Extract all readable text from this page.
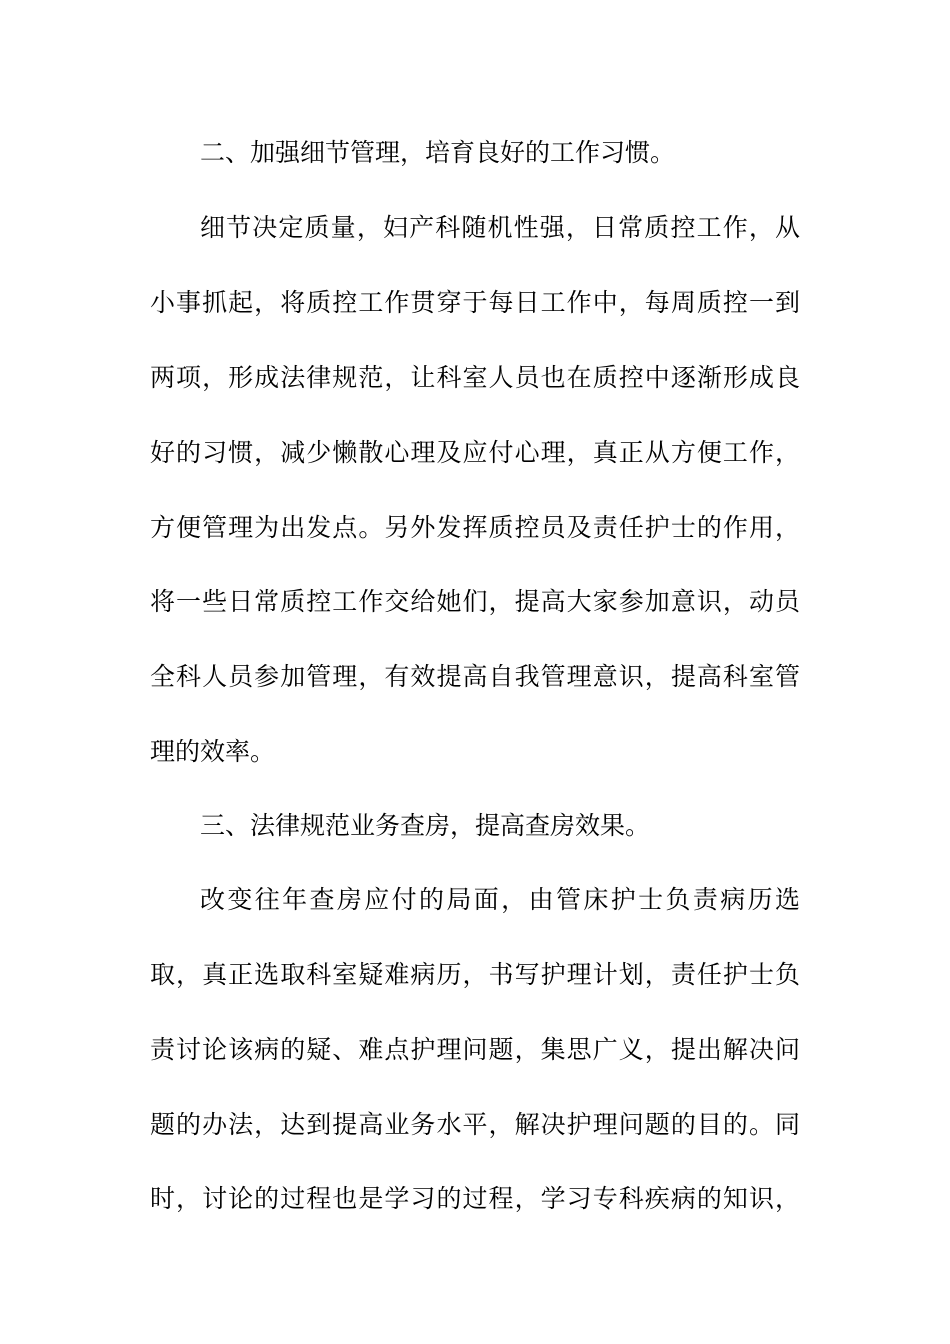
二、加强细节管理，培育良好的工作习惯。
细节决定质量，妇产科随机性强，日常质控工作，从
小事抓起，将质控工作贯穿于每日工作中，每周质控一到
两项，形成法律规范，让科室人员也在质控中逐渐形成良
好的习惯，减少懒散心理及应付心理，真正从方便工作，
方便管理为出发点。另外发挥质控员及责任护士的作用，
将一些日常质控工作交给她们，提高大家参加意识，动员
全科人员参加管理，有效提高自我管理意识，提高科室管
理的效率。
三、法律规范业务查房，提高查房效果。
改变往年查房应付的局面，由管床护士负责病历选
取，真正选取科室疑难病历，书写护理计划，责任护士负
责讨论该病的疑、难点护理问题，集思广义，提出解决问
题的办法，达到提高业务水平，解决护理问题的目的。同
时，讨论的过程也是学习的过程，学习专科疾病的知识，
